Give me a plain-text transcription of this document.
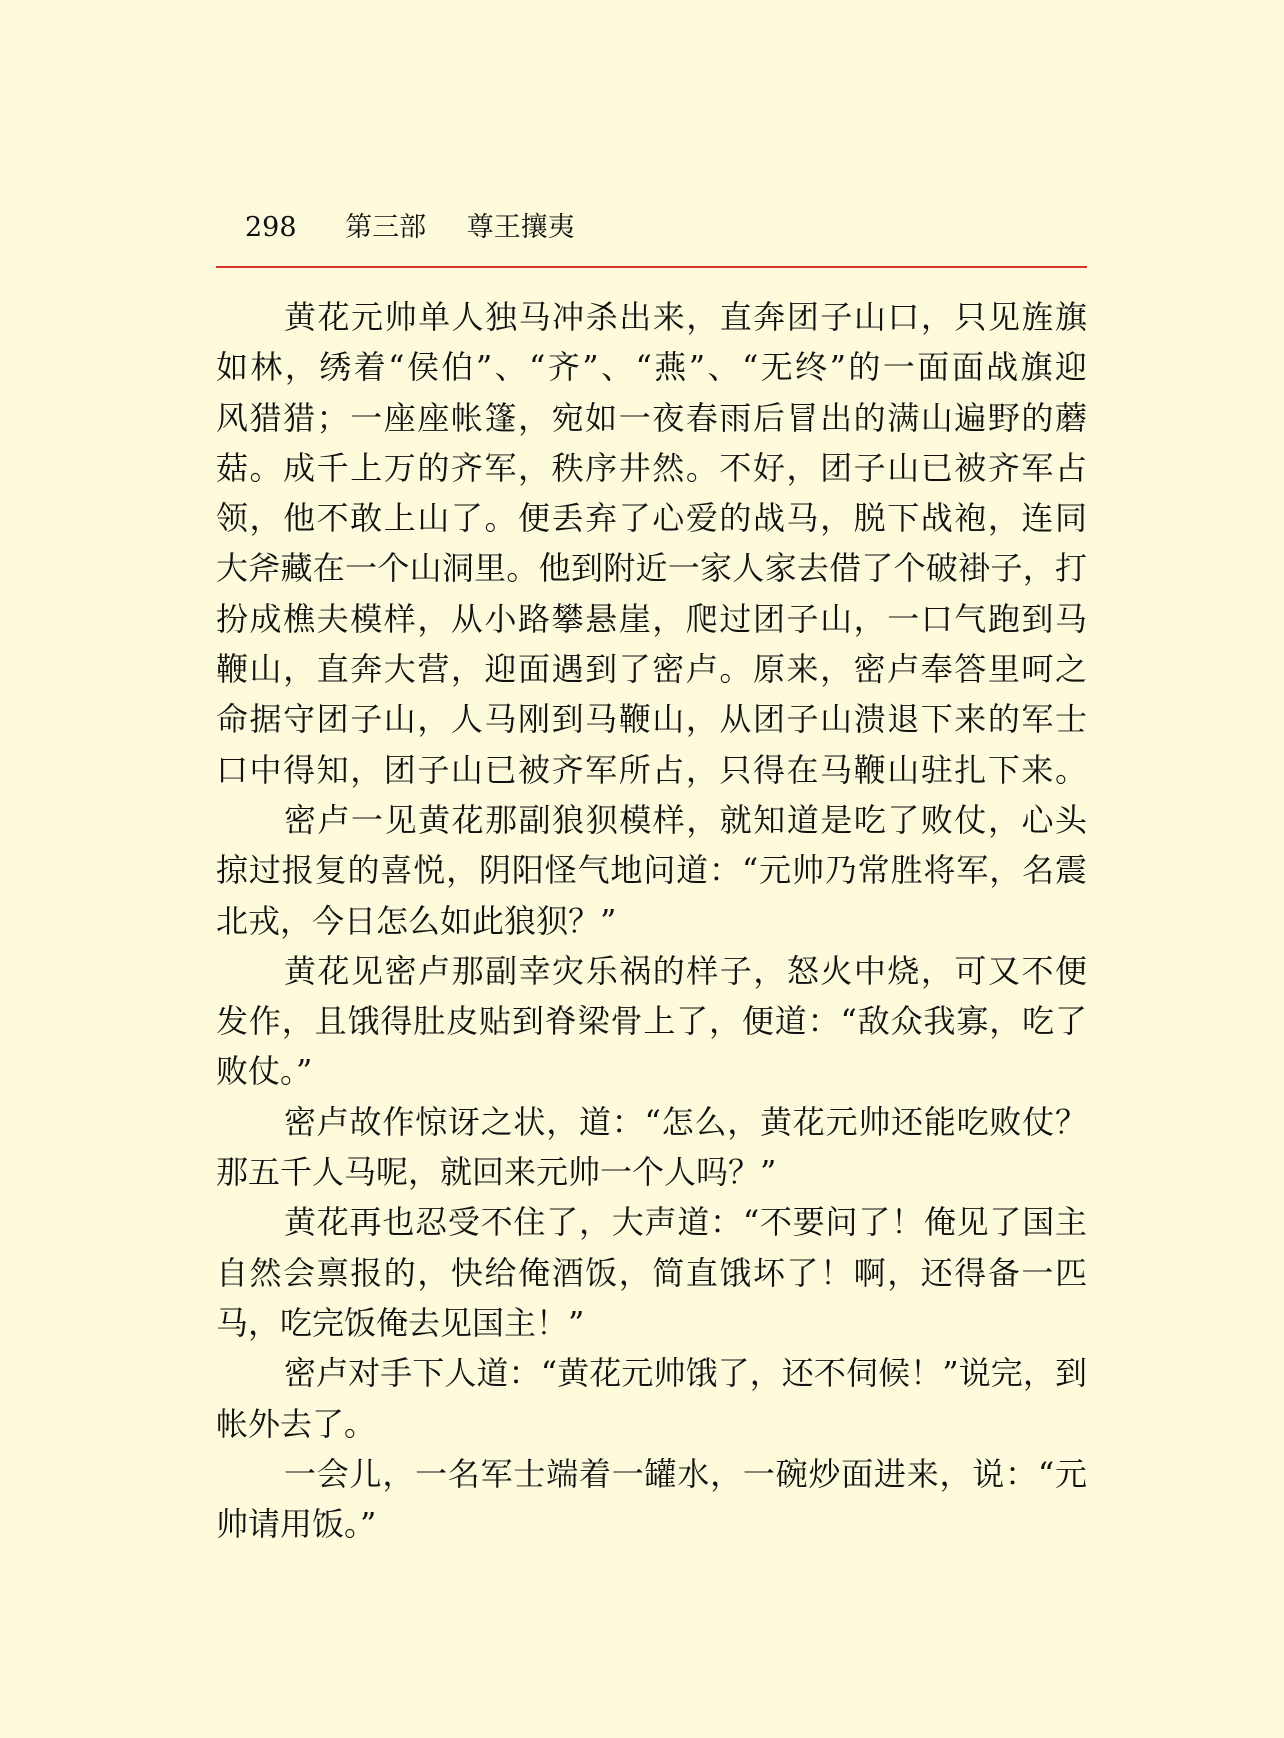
298 第三部 尊王攘夷
黄花元帅单人独马冲杀出来，直奔团子山口，只见旌旗
如林，绣着“侯伯”、“齐”、“燕”、“无终”的一面面战旗迎
风猎猎；一座座帐篷，宛如一夜春雨后冒出的满山遍野的蘑
菇。成千上万的齐军，秩序井然。不好，团子山已被齐军占
领，他不敢上山了。便丢弃了心爱的战马，脱下战袍，连同
大斧藏在一个山洞里。他到附近一家人家去借了个破褂子，打
扮成樵夫模样，从小路攀悬崖，爬过团子山，一口气跑到马
鞭山，直奔大营，迎面遇到了密卢。原来，密卢奉答里呵之
命据守团子山，人马刚到马鞭山，从团子山溃退下来的军士
口中得知，团子山已被齐军所占，只得在马鞭山驻扎下来。
密卢一见黄花那副狼狈模样，就知道是吃了败仗，心头
掠过报复的喜悦，阴阳怪气地问道：“元帅乃常胜将军，名震
北戎，今日怎么如此狼狈？”
黄花见密卢那副幸灾乐祸的样子，怒火中烧，可又不便
发作，且饿得肚皮贴到脊梁骨上了，便道：“敌众我寡，吃了
败仗。”
密卢故作惊讶之状，道：“怎么，黄花元帅还能吃败仗？
那五千人马呢，就回来元帅一个人吗？”
黄花再也忍受不住了，大声道：“不要问了！俺见了国主
自然会禀报的，快给俺酒饭，简直饿坏了！啊，还得备一匹
马，吃完饭俺去见国主！”
密卢对手下人道：“黄花元帅饿了，还不伺候！”说完，到
帐外去了。
一会儿，一名军士端着一罐水，一碗炒面进来，说：“元
帅请用饭。”
